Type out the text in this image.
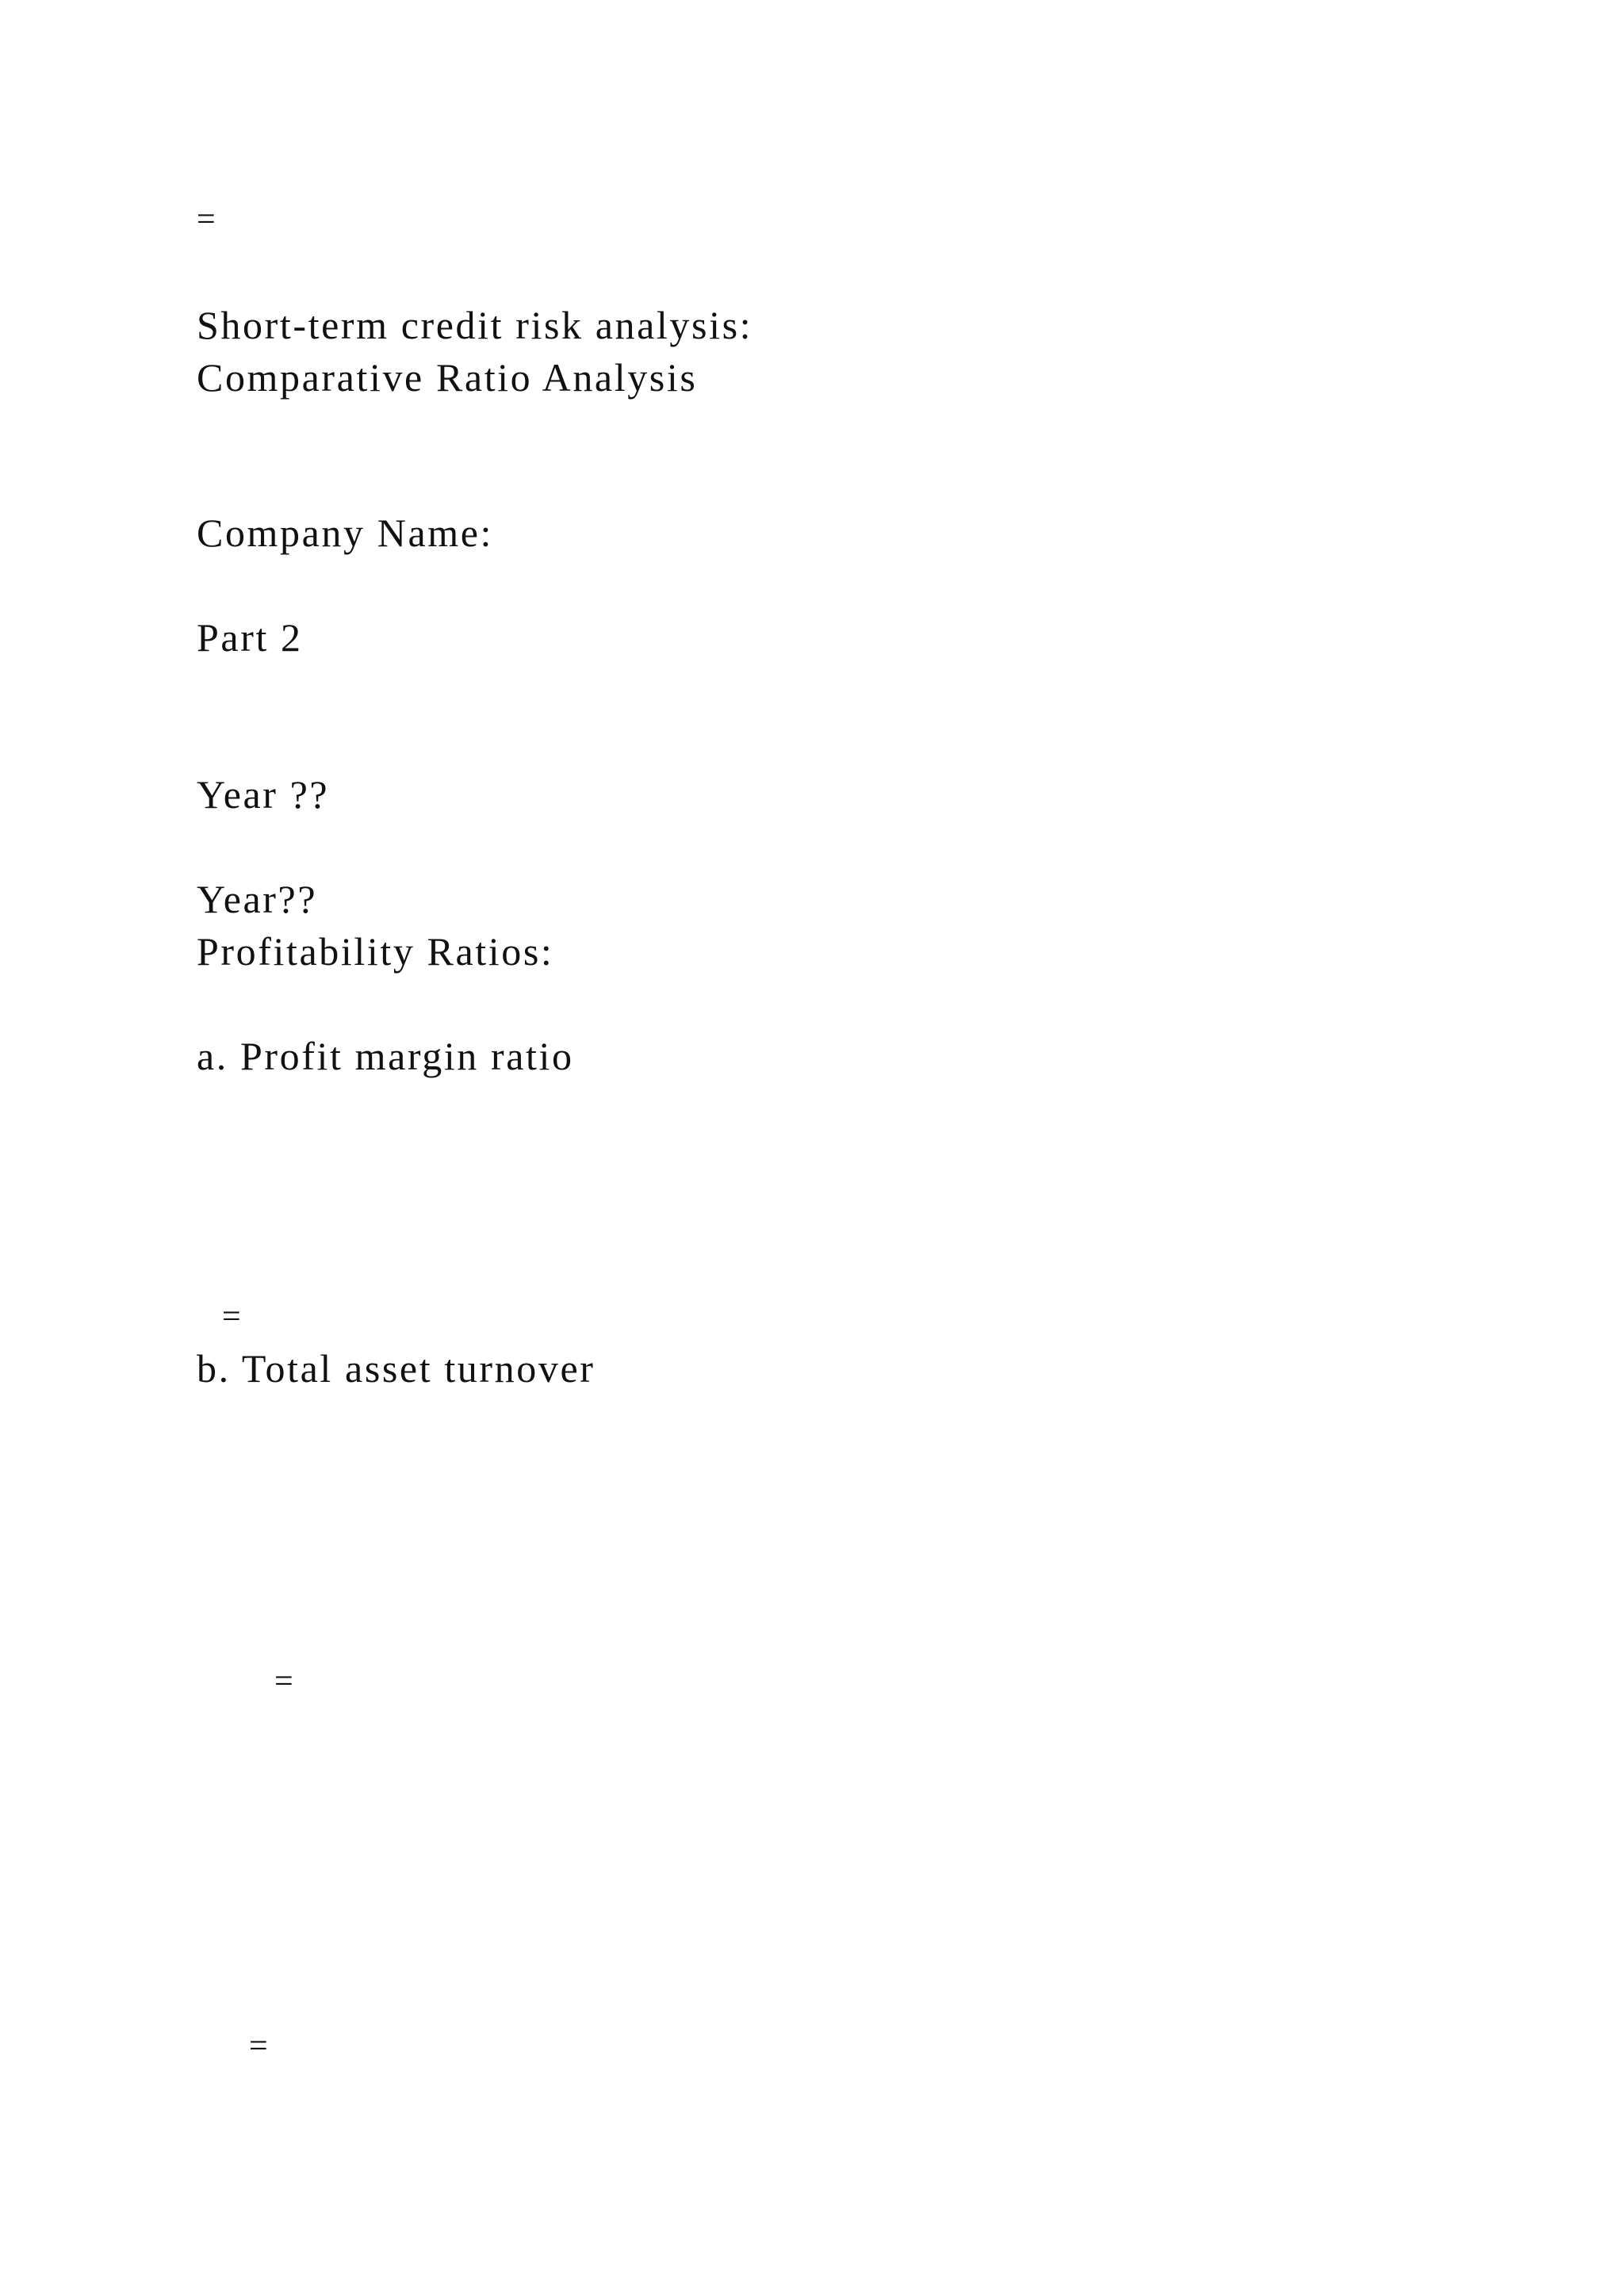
=
Short-term credit risk analysis:
Comparative Ratio Analysis
Company Name:
Part 2
Year ??
Year??
Profitability Ratios:
a. Profit margin ratio
=
b. Total asset turnover
=
=
